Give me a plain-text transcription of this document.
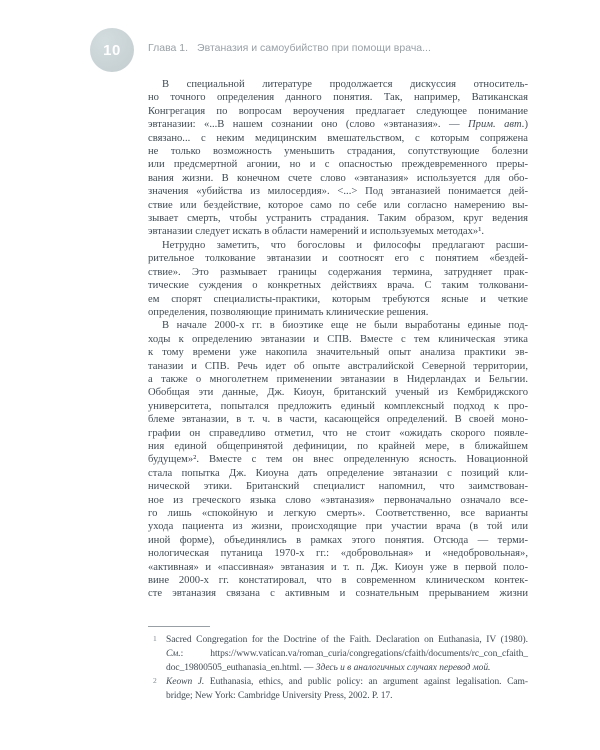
10	Глава 1. Эвтаназия и самоубийство при помощи врача...
В специальной литературе продолжается дискуссия относитель-
но точного определения данного понятия. Так, например, Ватиканская
Конгрегация по вопросам вероучения предлагает следующее понимание
эвтаназии: «...В нашем сознании оно (слово «эвтаназия». — Прим. авт.)
связано... с неким медицинским вмешательством, с которым сопряжена
не только возможность уменьшить страдания, сопутствующие болезни
или предсмертной агонии, но и с опасностью преждевременного преры-
вания жизни. В конечном счете слово «эвтаназия» используется для обо-
значения «убийства из милосердия». <...> Под эвтаназией понимается дей-
ствие или бездействие, которое само по себе или согласно намерению вы-
зывает смерть, чтобы устранить страдания. Таким образом, круг ведения
эвтаназии следует искать в области намерений и используемых методах»¹.
Нетрудно заметить, что богословы и философы предлагают расши-
рительное толкование эвтаназии и соотносят его с понятием «бездей-
ствие». Это размывает границы содержания термина, затрудняет прак-
тические суждения о конкретных действиях врача. С таким толковани-
ем спорят специалисты-практики, которым требуются ясные и четкие
определения, позволяющие принимать клинические решения.
В начале 2000-х гг. в биоэтике еще не были выработаны единые под-
ходы к определению эвтаназии и СПВ. Вместе с тем клиническая этика
к тому времени уже накопила значительный опыт анализа практики эв-
таназии и СПВ. Речь идет об опыте австралийской Северной территории,
а также о многолетнем применении эвтаназии в Нидерландах и Бельгии.
Обобщая эти данные, Дж. Киоун, британский ученый из Кембриджского
университета, попытался предложить единый комплексный подход к про-
блеме эвтаназии, в т. ч. в части, касающейся определений. В своей моно-
графии он справедливо отметил, что не стоит «ожидать скорого появле-
ния единой общепринятой дефиниции, по крайней мере, в ближайшем
будущем»². Вместе с тем он внес определенную ясность. Новационной
стала попытка Дж. Киоуна дать определение эвтаназии с позиций кли-
нической этики. Британский специалист напомнил, что заимствован-
ное из греческого языка слово «эвтаназия» первоначально означало все-
го лишь «спокойную и легкую смерть». Соответственно, все варианты
ухода пациента из жизни, происходящие при участии врача (в той или
иной форме), объединялись в рамках этого понятия. Отсюда — терми-
нологическая путаница 1970-х гг.: «добровольная» и «недобровольная»,
«активная» и «пассивная» эвтаназия и т. п. Дж. Киоун уже в первой поло-
вине 2000-х гг. констатировал, что в современном клиническом контек-
сте эвтаназия связана с активным и сознательным прерыванием жизни
1 Sacred Congregation for the Doctrine of the Faith. Declaration on Euthanasia, IV (1980).
См.: https://www.vatican.va/roman_curia/congregations/cfaith/documents/rc_con_cfaith_
doc_19800505_euthanasia_en.html. — Здесь и в аналогичных случаях перевод мой.
2 Keown J. Euthanasia, ethics, and public policy: an argument against legalisation. Cam-
bridge; New York: Cambridge University Press, 2002. P. 17.
